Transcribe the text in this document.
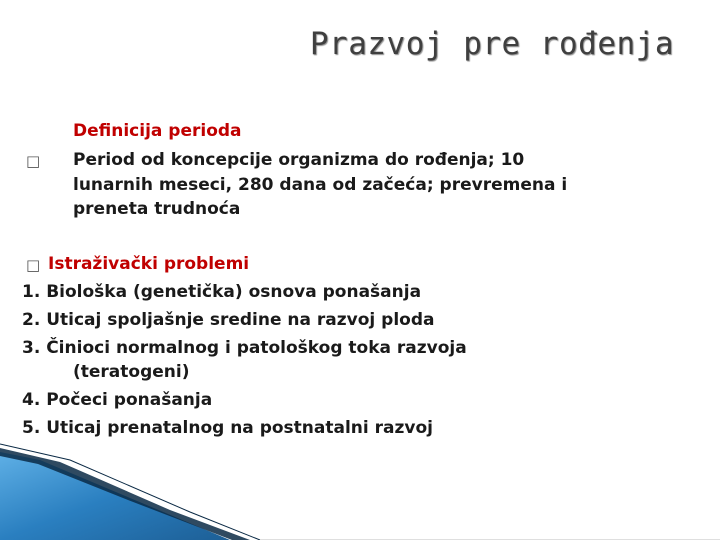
Prazvoj pre rođenja
Definicija perioda
□ Period od koncepcije organizma do rođenja; 10
lunarnih meseci, 280 dana od začeća; prevremena i
preneta trudnoća
□ Istraživački problemi
1. Biološka (genetička) osnova ponašanja
2. Uticaj spoljašnje sredine na razvoj ploda
3. Činioci normalnog i patološkog toka razvoja
(teratogeni)
4. Počeci ponašanja
5. Uticaj prenatalnog na postnatalni razvoj
